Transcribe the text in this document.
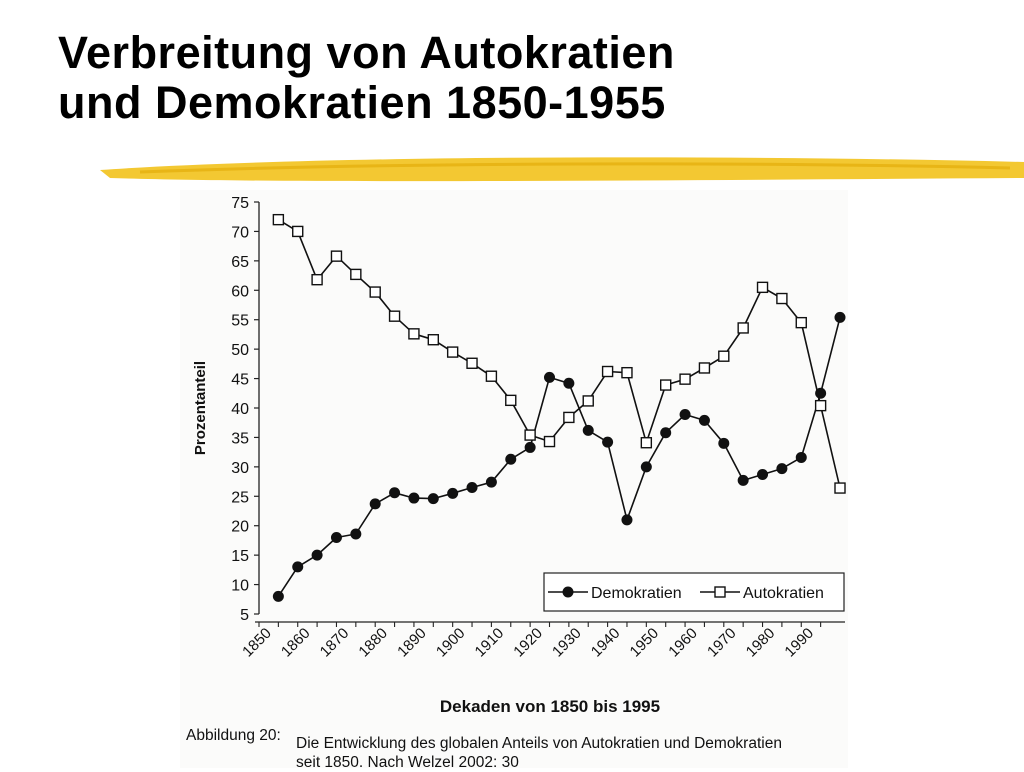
Verbreitung von Autokratien
und Demokratien 1850-1955
5
10
15
20
25
30
35
40
45
50
55
60
65
70
75
1850 1860 1870 1880 1890 1900 1910 1920 1930 1940 1950 1960 1970 1980 1990
Prozentanteil
Dekaden von 1850 bis 1995
Demokratien	Autokratien
Abbildung 20: Die Entwicklung des globalen Anteils von Autokratien und Demokratien
seit 1850. Nach Welzel 2002: 30
